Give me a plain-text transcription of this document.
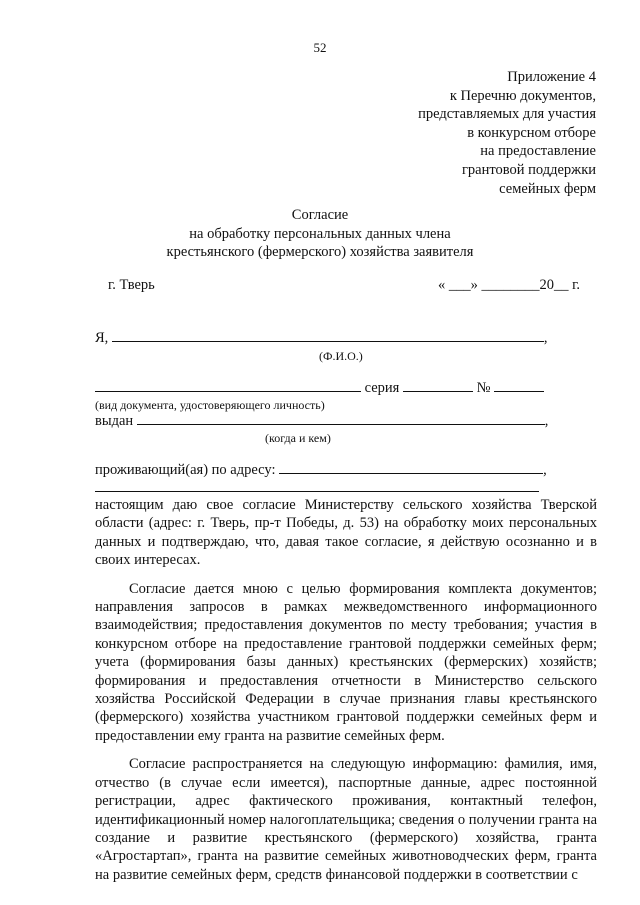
52
Приложение 4
к Перечню документов,
представляемых для участия
в конкурсном отборе
на предоставление
грантовой поддержки
семейных ферм
Согласие
на обработку персональных данных члена
крестьянского (фермерского) хозяйства заявителя
г. Тверь	« ___» ________20__ г.
Я,	,
(Ф.И.О.)
серия	№
(вид документа, удостоверяющего личность)
выдан	,
(когда и кем)
проживающий(ая) по адресу:	,

настоящим даю свое согласие Министерству сельского хозяйства Тверской области (адрес: г. Тверь, пр-т Победы, д. 53) на обработку моих персональных данных и подтверждаю, что, давая такое согласие, я действую осознанно и в своих интересах.

Согласие дается мною с целью формирования комплекта документов; направления запросов в рамках межведомственного информационного взаимодействия; предоставления документов по месту требования; участия в конкурсном отборе на предоставление грантовой поддержки семейных ферм; учета (формирования базы данных) крестьянских (фермерских) хозяйств; формирования и предоставления отчетности в Министерство сельского хозяйства Российской Федерации в случае признания главы крестьянского (фермерского) хозяйства участником грантовой поддержки семейных ферм и предоставлении ему гранта на развитие семейных ферм.

Согласие распространяется на следующую информацию: фамилия, имя, отчество (в случае если имеется), паспортные данные, адрес постоянной регистрации, адрес фактического проживания, контактный телефон, идентификационный номер налогоплательщика; сведения о получении гранта на создание и развитие крестьянского (фермерского) хозяйства, гранта «Агростартап», гранта на развитие семейных животноводческих ферм, гранта на развитие семейных ферм, средств финансовой поддержки в соответствии с
